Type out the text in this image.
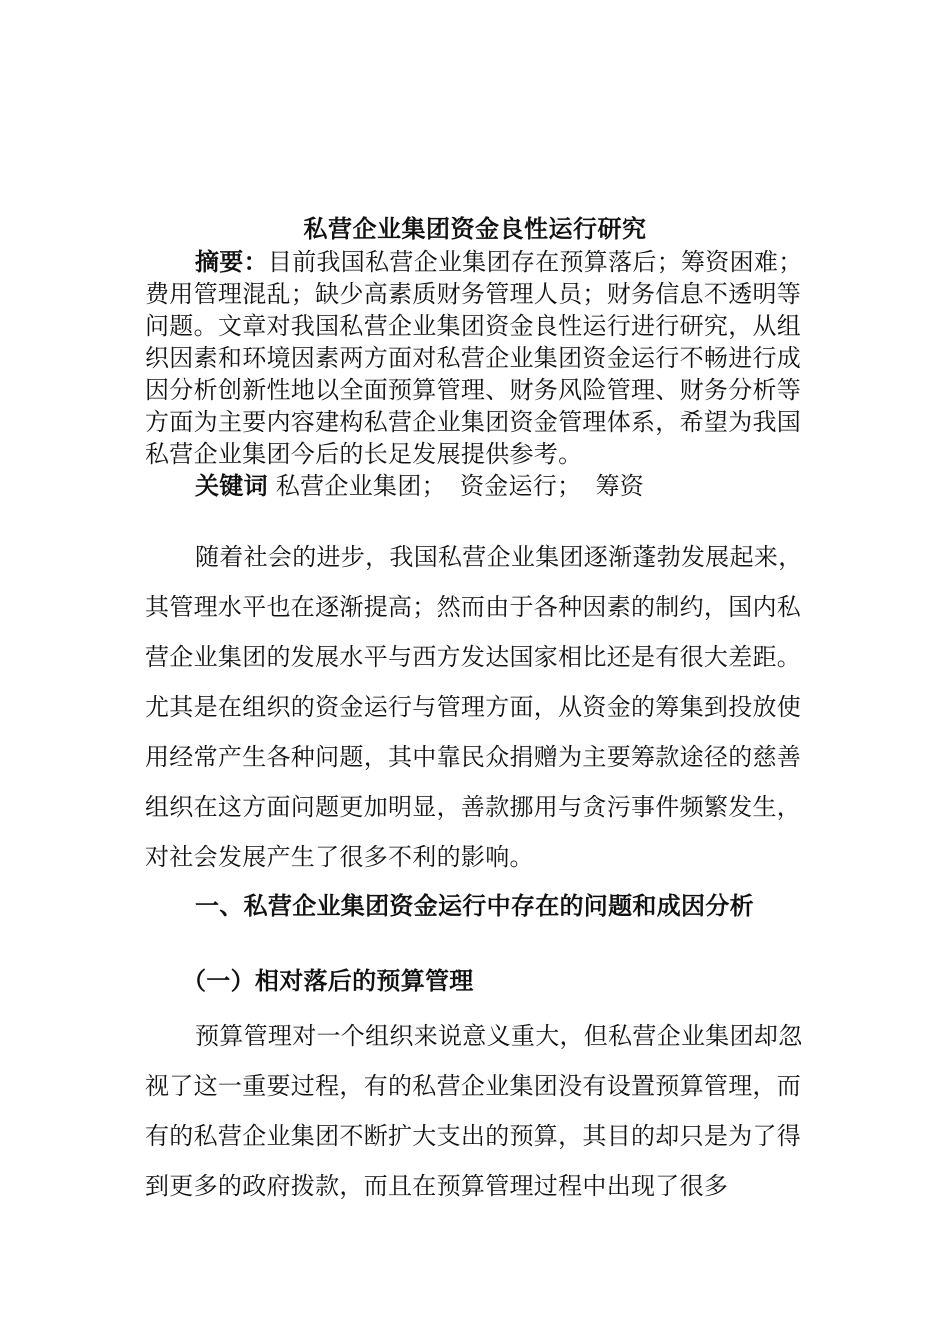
私营企业集团资金良性运行研究
摘要：目前我国私营企业集团存在预算落后；筹资困难；费用管理混乱；缺少高素质财务管理人员；财务信息不透明等问题。文章对我国私营企业集团资金良性运行进行研究，从组织因素和环境因素两方面对私营企业集团资金运行不畅进行成因分析创新性地以全面预算管理、财务风险管理、财务分析等方面为主要内容建构私营企业集团资金管理体系，希望为我国私营企业集团今后的长足发展提供参考。
关键词 私营企业集团； 资金运行； 筹资
随着社会的进步，我国私营企业集团逐渐蓬勃发展起来，其管理水平也在逐渐提高；然而由于各种因素的制约，国内私营企业集团的发展水平与西方发达国家相比还是有很大差距。尤其是在组织的资金运行与管理方面，从资金的筹集到投放使用经常产生各种问题，其中靠民众捐赠为主要筹款途径的慈善组织在这方面问题更加明显，善款挪用与贪污事件频繁发生，对社会发展产生了很多不利的影响。
一、私营企业集团资金运行中存在的问题和成因分析
（一）相对落后的预算管理
预算管理对一个组织来说意义重大，但私营企业集团却忽视了这一重要过程，有的私营企业集团没有设置预算管理，而有的私营企业集团不断扩大支出的预算，其目的却只是为了得到更多的政府拨款，而且在预算管理过程中出现了很多
